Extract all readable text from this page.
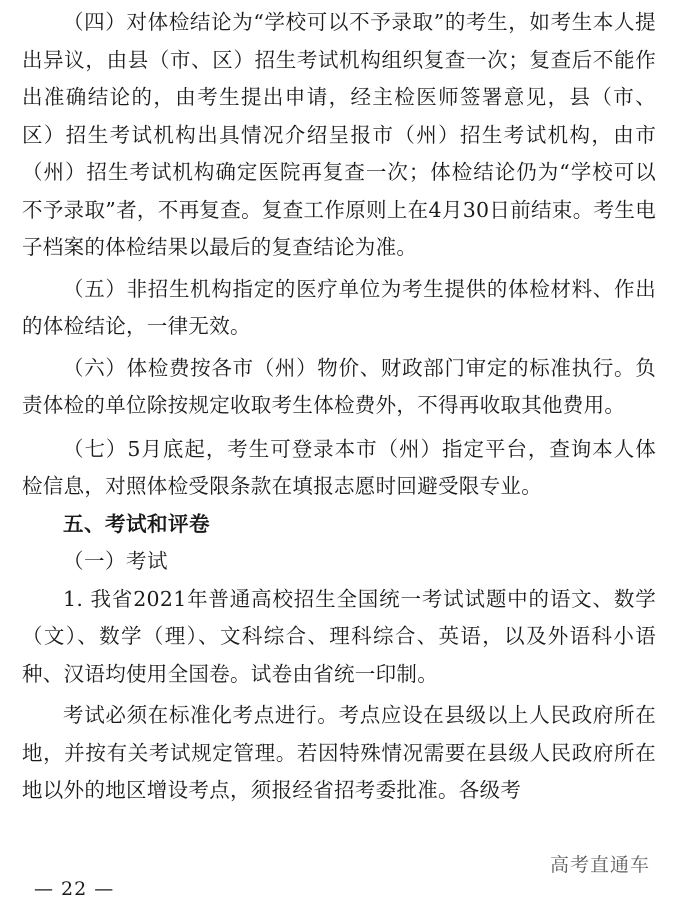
（四）对体检结论为“学校可以不予录取”的考生，如考生本人提出异议，由县（市、区）招生考试机构组织复查一次；复查后不能作出准确结论的，由考生提出申请，经主检医师签署意见，县（市、区）招生考试机构出具情况介绍呈报市（州）招生考试机构，由市（州）招生考试机构确定医院再复查一次；体检结论仍为“学校可以不予录取”者，不再复查。复查工作原则上在4月30日前结束。考生电子档案的体检结果以最后的复查结论为准。

（五）非招生机构指定的医疗单位为考生提供的体检材料、作出的体检结论，一律无效。

（六）体检费按各市（州）物价、财政部门审定的标准执行。负责体检的单位除按规定收取考生体检费外，不得再收取其他费用。

（七）5月底起，考生可登录本市（州）指定平台，查询本人体检信息，对照体检受限条款在填报志愿时回避受限专业。

五、考试和评卷

（一）考试

1. 我省2021年普通高校招生全国统一考试试题中的语文、数学（文）、数学（理）、文科综合、理科综合、英语，以及外语科小语种、汉语均使用全国卷。试卷由省统一印制。

考试必须在标准化考点进行。考点应设在县级以上人民政府所在地，并按有关考试规定管理。若因特殊情况需要在县级人民政府所在地以外的地区增设考点，须报经省招考委批准。各级考

高考直通车
— 22 —
